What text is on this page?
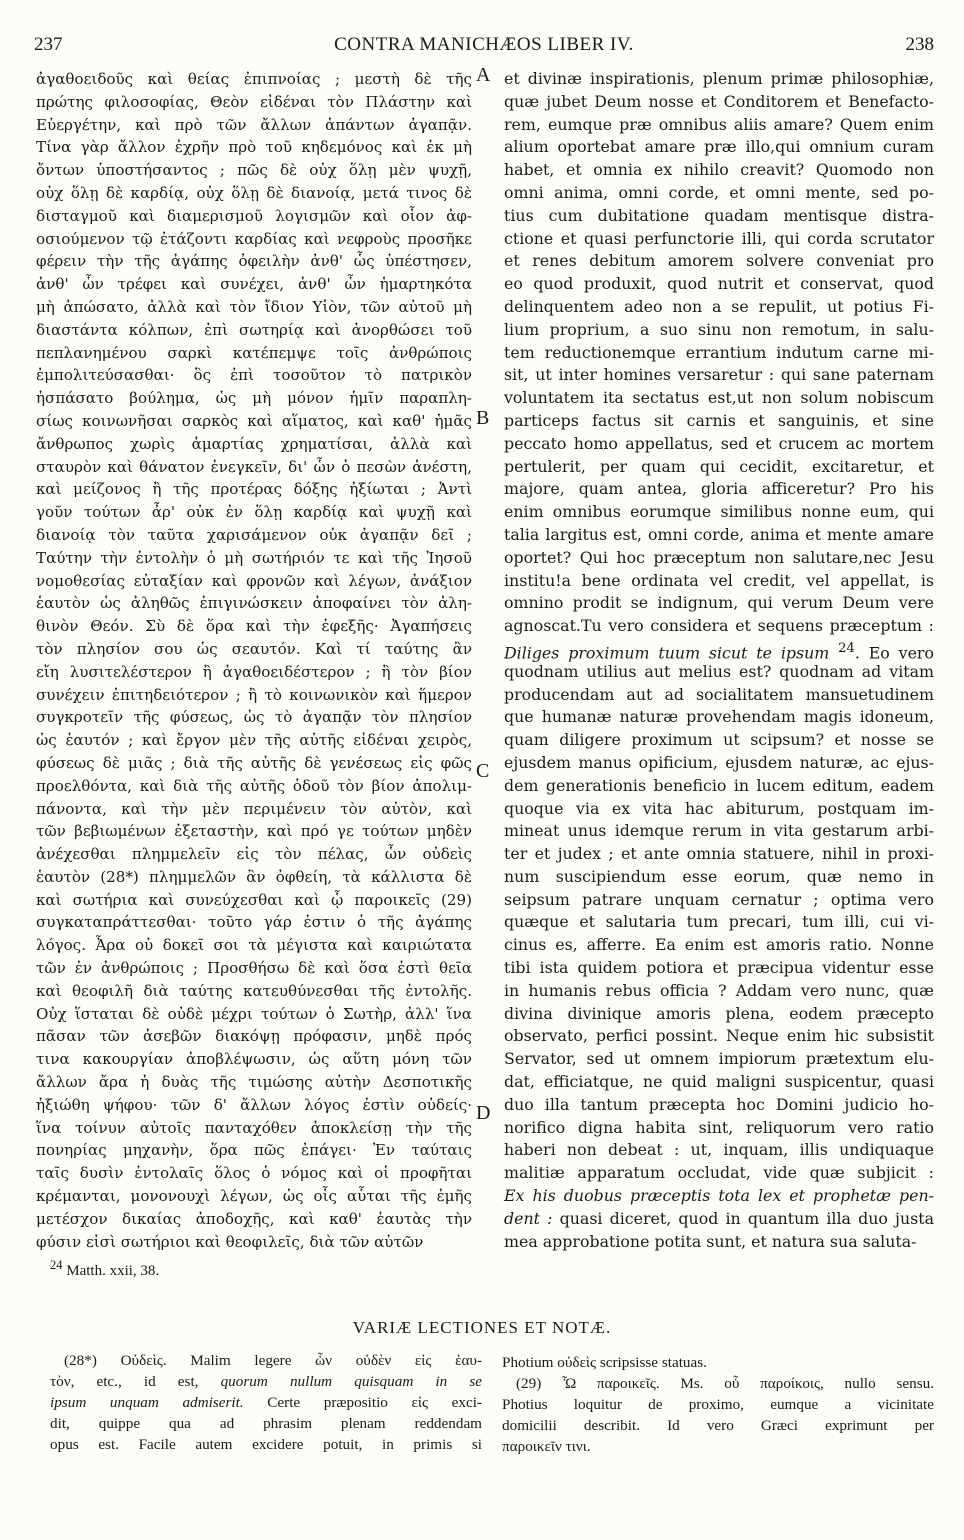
237	CONTRA MANICHÆOS LIBER IV.	238
ἀγαθοειδοῦς καὶ θείας ἐπιπνοίας ; μεστὴ δὲ τῆς
πρώτης φιλοσοφίας, Θεὸν εἰδέναι τὸν Πλάστην καὶ
Εὐεργέτην, καὶ πρὸ τῶν ἄλλων ἁπάντων ἀγαπᾷν.
Τίνα γὰρ ἄλλον ἐχρῆν πρὸ τοῦ κηδεμόνος καὶ ἐκ μὴ
ὄντων ὑποστήσαντος ; πῶς δὲ οὐχ ὅλῃ μὲν ψυχῇ,
οὐχ ὅλῃ δὲ καρδίᾳ, οὐχ ὅλῃ δὲ διανοίᾳ, μετά τινος δὲ
δισταγμοῦ καὶ διαμερισμοῦ λογισμῶν καὶ οἷον ἀφ-
οσιούμενον τῷ ἐτάζοντι καρδίας καὶ νεφροὺς προσῆκε
φέρειν τὴν τῆς ἀγάπης ὀφειλὴν ἀνθ' ὧς ὑπέστησεν,
ἀνθ' ὧν τρέφει καὶ συνέχει, ἀνθ' ὧν ἡμαρτηκότα
μὴ ἀπώσατο, ἀλλὰ καὶ τὸν ἴδιον Υἱὸν, τῶν αὐτοῦ μὴ
διαστάντα κόλπων, ἐπὶ σωτηρίᾳ καὶ ἀνορθώσει τοῦ
πεπλανημένου σαρκὶ κατέπεμψε τοῖς ἀνθρώποις
ἐμπολιτεύσασθαι· ὃς ἐπὶ τοσοῦτον τὸ πατρικὸν
ἠσπάσατο βούλημα, ὡς μὴ μόνον ἡμῖν παραπλη-
σίως κοινωνῆσαι σαρκὸς καὶ αἵματος, καὶ καθ' ἡμᾶς
ἄνθρωπος χωρὶς ἁμαρτίας χρηματίσαι, ἀλλὰ καὶ
σταυρὸν καὶ θάνατον ἐνεγκεῖν, δι' ὧν ὁ πεσὼν ἀνέστη,
καὶ μείζονος ἢ τῆς προτέρας δόξης ἠξίωται ; Ἀντὶ
γοῦν τούτων ἆρ' οὐκ ἐν ὅλῃ καρδίᾳ καὶ ψυχῇ καὶ
διανοίᾳ τὸν ταῦτα χαρισάμενον οὐκ ἀγαπᾷν δεῖ ;
Ταύτην τὴν ἐντολὴν ὁ μὴ σωτήριόν τε καὶ τῆς Ἰησοῦ
νομοθεσίας εὐταξίαν καὶ φρονῶν καὶ λέγων, ἀνάξιον
ἑαυτὸν ὡς ἀληθῶς ἐπιγινώσκειν ἀποφαίνει τὸν ἀλη-
θινὸν Θεόν. Σὺ δὲ ὅρα καὶ τὴν ἐφεξῆς· Ἀγαπήσεις
τὸν πλησίον σου ὡς σεαυτόν. Καὶ τί ταύτης ἂν
εἴη λυσιτελέστερον ἢ ἀγαθοειδέστερον ; ἢ τὸν βίον
συνέχειν ἐπιτηδειότερον ; ἢ τὸ κοινωνικὸν καὶ ἥμερον
συγκροτεῖν τῆς φύσεως, ὡς τὸ ἀγαπᾷν τὸν πλησίον
ὡς ἑαυτόν ; καὶ ἔργον μὲν τῆς αὐτῆς εἰδέναι χειρὸς,
φύσεως δὲ μιᾶς ; διὰ τῆς αὐτῆς δὲ γενέσεως εἰς φῶς
προελθόντα, καὶ διὰ τῆς αὐτῆς ὁδοῦ τὸν βίον ἀπολιμ-
πάνοντα, καὶ τὴν μὲν περιμένειν τὸν αὐτὸν, καὶ
τῶν βεβιωμένων ἐξεταστὴν, καὶ πρό γε τούτων μηδὲν
ἀνέχεσθαι πλημμελεῖν εἰς τὸν πέλας, ὧν οὐδεὶς
ἑαυτὸν (28*) πλημμελῶν ἂν ὀφθείη, τὰ κάλλιστα δὲ
καὶ σωτήρια καὶ συνεύχεσθαι καὶ ᾧ παροικεῖς (29)
συγκαταπράττεσθαι· τοῦτο γάρ ἐστιν ὁ τῆς ἀγάπης
λόγος. Ἆρα οὐ δοκεῖ σοι τὰ μέγιστα καὶ καιριώτατα
τῶν ἐν ἀνθρώποις ; Προσθήσω δὲ καὶ ὅσα ἐστὶ θεῖα
καὶ θεοφιλῆ διὰ ταύτης κατευθύνεσθαι τῆς ἐντολῆς.
Οὐχ ἵσταται δὲ οὐδὲ μέχρι τούτων ὁ Σωτὴρ, ἀλλ' ἵνα
πᾶσαν τῶν ἀσεβῶν διακόψῃ πρόφασιν, μηδὲ πρός
τινα κακουργίαν ἀποβλέψωσιν, ὡς αὕτη μόνη τῶν
ἄλλων ἄρα ἡ δυὰς τῆς τιμώσης αὐτὴν Δεσποτικῆς
ἠξιώθη ψήφου· τῶν δ' ἄλλων λόγος ἐστὶν οὐδείς·
ἵνα τοίνυν αὐτοῖς πανταχόθεν ἀποκλείσῃ τὴν τῆς
πονηρίας μηχανὴν, ὅρα πῶς ἐπάγει· Ἐν ταύταις
ταῖς δυσὶν ἐντολαῖς ὅλος ὁ νόμος καὶ οἱ προφῆται
κρέμανται, μονονουχὶ λέγων, ὡς οἷς αὗται τῆς ἐμῆς
μετέσχον δικαίας ἀποδοχῆς, καὶ καθ' ἑαυτὰς τὴν
φύσιν εἰσὶ σωτήριοι καὶ θεοφιλεῖς, διὰ τῶν αὐτῶν
A
B
C
D
et divinæ inspirationis, plenum primæ philosophiæ,
quæ jubet Deum nosse et Conditorem et Benefacto-
rem, eumque præ omnibus aliis amare? Quem enim
alium oportebat amare præ illo,qui omnium curam
habet, et omnia ex nihilo creavit? Quomodo non
omni anima, omni corde, et omni mente, sed po-
tius cum dubitatione quadam mentisque distra-
ctione et quasi perfunctorie illi, qui corda scrutator
et renes debitum amorem solvere conveniat pro
eo quod produxit, quod nutrit et conservat, quod
delinquentem adeo non a se repulit, ut potius Fi-
lium proprium, a suo sinu non remotum, in salu-
tem reductionemque errantium indutum carne mi-
sit, ut inter homines versaretur : qui sane paternam
voluntatem ita sectatus est,ut non solum nobiscum
particeps factus sit carnis et sanguinis, et sine
peccato homo appellatus, sed et crucem ac mortem
pertulerit, per quam qui cecidit, excitaretur, et
majore, quam antea, gloria afficeretur? Pro his
enim omnibus eorumque similibus nonne eum, qui
talia largitus est, omni corde, anima et mente amare
oportet? Qui hoc præceptum non salutare,nec Jesu
institu!a bene ordinata vel credit, vel appellat, is
omnino prodit se indignum, qui verum Deum vere
agnoscat.Tu vero considera et sequens præceptum :
Diliges proximum tuum sicut te ipsum $^{24}$. Eo vero
quodnam utilius aut melius est? quodnam ad vitam
producendam aut ad socialitatem mansuetudinem
que humanæ naturæ provehendam magis idoneum,
quam diligere proximum ut scipsum? et nosse se
ejusdem manus opificium, ejusdem naturæ, ac ejus-
dem generationis beneficio in lucem editum, eadem
quoque via ex vita hac abiturum, postquam im-
mineat unus idemque rerum in vita gestarum arbi-
ter et judex ; et ante omnia statuere, nihil in proxi-
num suscipiendum esse eorum, quæ nemo in
seipsum patrare unquam cernatur ; optima vero
quæque et salutaria tum precari, tum illi, cui vi-
cinus es, afferre. Ea enim est amoris ratio. Nonne
tibi ista quidem potiora et præcipua videntur esse
in humanis rebus officia ? Addam vero nunc, quæ
divina divinique amoris plena, eodem præcepto
observato, perfici possint. Neque enim hic subsistit
Servator, sed ut omnem impiorum prætextum elu-
dat, efficiatque, ne quid maligni suspicentur, quasi
duo illa tantum præcepta hoc Domini judicio ho-
norifico digna habita sint, reliquorum vero ratio
haberi non debeat : ut, inquam, illis undiquaque
malitiæ apparatum occludat, vide quæ subjicit :
Ex his duobus præceptis tota lex et prophetæ pen-
dent : quasi diceret, quod in quantum illa duo justa
mea approbatione potita sunt, et natura sua saluta-
$^{24}$ Matth. xxii, 38.
VARIÆ LECTIONES ET NOTÆ.
(28*) Οὐδεὶς. Malim legere ὧν οὐδὲν εἰς ἑαυ-
τὸν, etc., id est, quorum nullum quisquam in se
ipsum unquam admiserit. Certe præpositio εἰς exci-
dit, quippe qua ad phrasim plenam reddendam
opus est. Facile autem excidere potuit, in primis si
Photium οὐδεὶς scripsisse statuas.
(29) Ὦ παροικεῖς. Ms. οὗ παροίκοις, nullo sensu.
Photius loquitur de proximo, eumque a vicinitate
domicilii describit. Id vero Græci exprimunt per
παροικεῖν τινι.
